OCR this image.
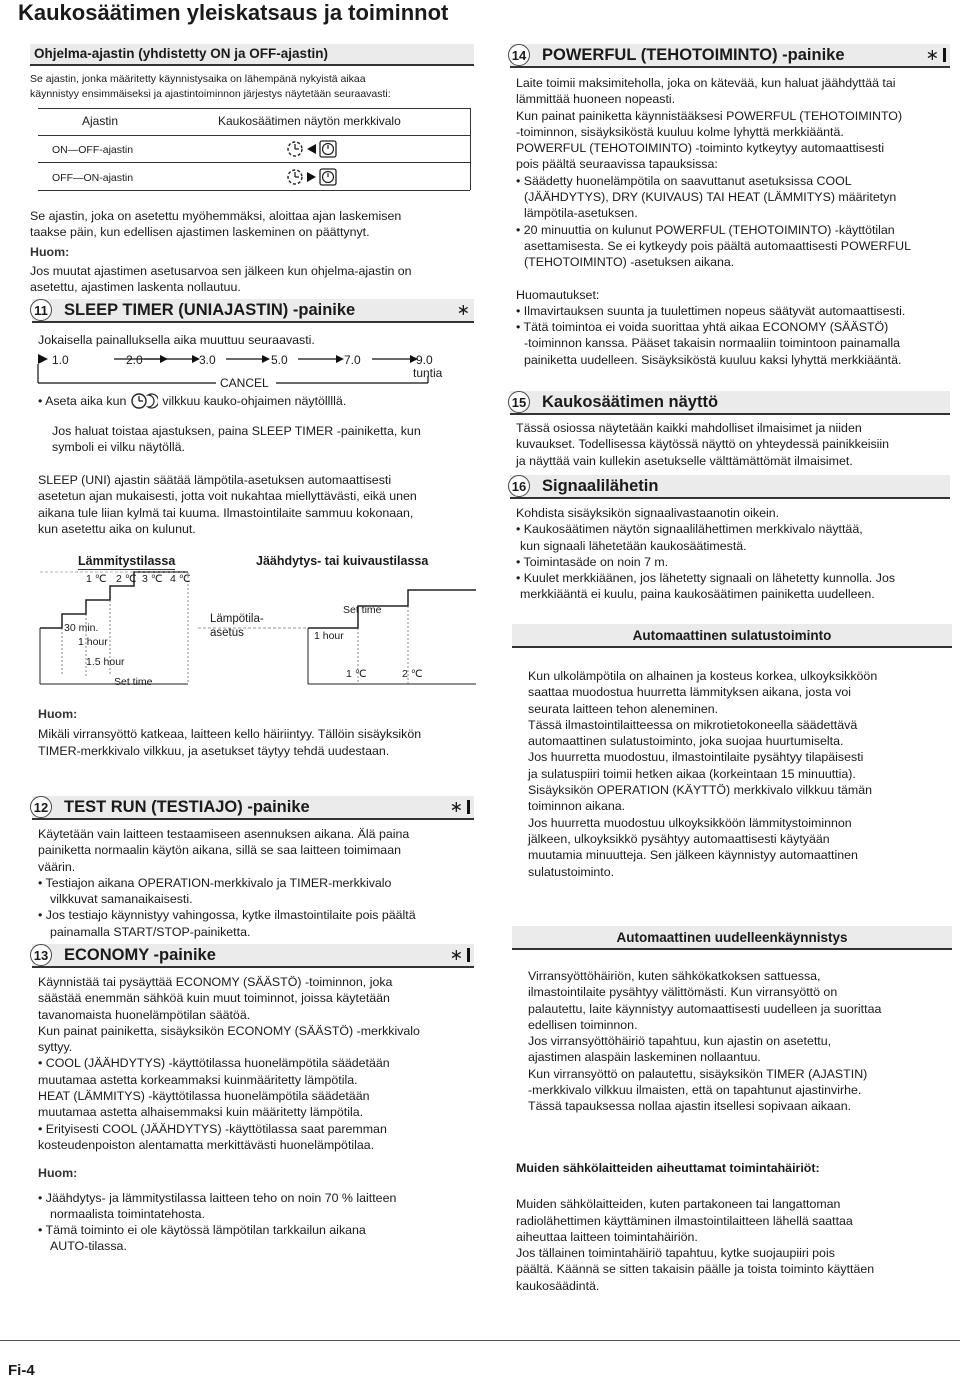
Kaukosäätimen yleiskatsaus ja toiminnot
Ohjelma-ajastin (yhdistetty ON ja OFF-ajastin)
Se ajastin, jonka määritetty käynnistysaika on lähempänä nykyistä aikaa
käynnistyy ensimmäiseksi ja ajastintoiminnon järjestys näytetään seuraavasti:
Ajastin	Kaukosäätimen näytön merkkivalo
ON—OFF-ajastin
OFF—ON-ajastin
Se ajastin, joka on asetettu myöhemmäksi, aloittaa ajan laskemisen
taakse päin, kun edellisen ajastimen laskeminen on päättynyt.
Huom:
Jos muutat ajastimen asetusarvoa sen jälkeen kun ohjelma-ajastin on
asetettu, ajastimen laskenta nollautuu.
11 SLEEP TIMER (UNIAJASTIN) -painike	∗
Jokaisella painalluksella aika muuttuu seuraavasti.
1.0	2.0	3.0	5.0	7.0	9.0
tuntia
CANCEL
• Aseta aika kun	vilkkuu kauko-ohjaimen näytöllllä.
Jos haluat toistaa ajastuksen, paina SLEEP TIMER -painiketta, kun
symboli ei vilku näytöllä.
SLEEP (UNI) ajastin säätää lämpötila-asetuksen automaattisesti
asetetun ajan mukaisesti, jotta voit nukahtaa miellyttävästi, eikä unen
aikana tule liian kylmä tai kuuma. Ilmastointilaite sammuu kokonaan,
kun asetettu aika on kulunut.
Lämmitystilassa	Jäähdytys- tai kuivaustilassa
1 ℃ 2 ℃ 3 ℃ 4 ℃
30 min.
1 hour
1.5 hour
Set time
Lämpötila-
asetus
Set time
1 hour
1 ℃	2 ℃
Huom:
Mikäli virransyöttö katkeaa, laitteen kello häiriintyy. Tällöin sisäyksikön
TIMER-merkkivalo vilkkuu, ja asetukset täytyy tehdä uudestaan.
12 TEST RUN (TESTIAJO) -painike	∗
Käytetään vain laitteen testaamiseen asennuksen aikana. Älä paina
painiketta normaalin käytön aikana, sillä se saa laitteen toimimaan
väärin.
• Testiajon aikana OPERATION-merkkivalo ja TIMER-merkkivalo
vilkkuvat samanaikaisesti.
• Jos testiajo käynnistyy vahingossa, kytke ilmastointilaite pois päältä
painamalla START/STOP-painiketta.
13 ECONOMY -painike	∗
Käynnistää tai pysäyttää ECONOMY (SÄÄSTÖ) -toiminnon, joka
säästää enemmän sähköä kuin muut toiminnot, joissa käytetään
tavanomaista huonelämpötilan säätöä.
Kun painat painiketta, sisäyksikön ECONOMY (SÄÄSTÖ) -merkkivalo
syttyy.
• COOL (JÄÄHDYTYS) -käyttötilassa huonelämpötila säädetään
muutamaa astetta korkeammaksi kuinmääritetty lämpötila.
HEAT (LÄMMITYS) -käyttötilassa huonelämpötila säädetään
muutamaa astetta alhaisemmaksi kuin määritetty lämpötila.
• Erityisesti COOL (JÄÄHDYTYS) -käyttötilassa saat paremman
kosteudenpoiston alentamatta merkittävästi huonelämpötilaa.
Huom:
• Jäähdytys- ja lämmitystilassa laitteen teho on noin 70 % laitteen
normaalista toimintatehosta.
• Tämä toiminto ei ole käytössä lämpötilan tarkkailun aikana
AUTO-tilassa.
14 POWERFUL (TEHOTOIMINTO) -painike	∗
Laite toimii maksimiteholla, joka on kätevää, kun haluat jäähdyttää tai
lämmittää huoneen nopeasti.
Kun painat painiketta käynnistääksesi POWERFUL (TEHOTOIMINTO)
-toiminnon, sisäyksiköstä kuuluu kolme lyhyttä merkkiääntä.
POWERFUL (TEHOTOIMINTO) -toiminto kytkeytyy automaattisesti
pois päältä seuraavissa tapauksissa:
• Säädetty huonelämpötila on saavuttanut asetuksissa COOL
(JÄÄHDYTYS), DRY (KUIVAUS) TAI HEAT (LÄMMITYS) määritetyn
lämpötila-asetuksen.
• 20 minuuttia on kulunut POWERFUL (TEHOTOIMINTO) -käyttötilan
asettamisesta. Se ei kytkeydy pois päältä automaattisesti POWERFUL
(TEHOTOIMINTO) -asetuksen aikana.
Huomautukset:
• Ilmavirtauksen suunta ja tuulettimen nopeus säätyvät automaattisesti.
• Tätä toimintoa ei voida suorittaa yhtä aikaa ECONOMY (SÄÄSTÖ)
-toiminnon kanssa. Pääset takaisin normaaliin toimintoon painamalla
painiketta uudelleen. Sisäyksiköstä kuuluu kaksi lyhyttä merkkiääntä.
15 Kaukosäätimen näyttö
Tässä osiossa näytetään kaikki mahdolliset ilmaisimet ja niiden
kuvaukset. Todellisessa käytössä näyttö on yhteydessä painikkeisiin
ja näyttää vain kullekin asetukselle välttämättömät ilmaisimet.
16 Signaalilähetin
Kohdista sisäyksikön signaalivastaanotin oikein.
• Kaukosäätimen näytön signaalilähettimen merkkivalo näyttää,
kun signaali lähetetään kaukosäätimestä.
• Toimintasäde on noin 7 m.
• Kuulet merkkiäänen, jos lähetetty signaali on lähetetty kunnolla. Jos
merkkiääntä ei kuulu, paina kaukosäätimen painiketta uudelleen.
Automaattinen sulatustoiminto
Kun ulkolämpötila on alhainen ja kosteus korkea, ulkoyksikköön
saattaa muodostua huurretta lämmityksen aikana, josta voi
seurata laitteen tehon aleneminen.
Tässä ilmastointilaitteessa on mikrotietokoneella säädettävä
automaattinen sulatustoiminto, joka suojaa huurtumiselta.
Jos huurretta muodostuu, ilmastointilaite pysähtyy tilapäisesti
ja sulatuspiiri toimii hetken aikaa (korkeintaan 15 minuuttia).
Sisäyksikön OPERATION (KÄYTTÖ) merkkivalo vilkkuu tämän
toiminnon aikana.
Jos huurretta muodostuu ulkoyksikköön lämmitystoiminnon
jälkeen, ulkoyksikkö pysähtyy automaattisesti käytyään
muutamia minuutteja. Sen jälkeen käynnistyy automaattinen
sulatustoiminto.
Automaattinen uudelleenkäynnistys
Virransyöttöhäiriön, kuten sähkökatkoksen sattuessa,
ilmastointilaite pysähtyy välittömästi. Kun virransyöttö on
palautettu, laite käynnistyy automaattisesti uudelleen ja suorittaa
edellisen toiminnon.
Jos virransyöttöhäiriö tapahtuu, kun ajastin on asetettu,
ajastimen alaspäin laskeminen nollaantuu.
Kun virransyöttö on palautettu, sisäyksikön TIMER (AJASTIN)
-merkkivalo vilkkuu ilmaisten, että on tapahtunut ajastinvirhe.
Tässä tapauksessa nollaa ajastin itsellesi sopivaan aikaan.
Muiden sähkölaitteiden aiheuttamat toimintahäiriöt:
Muiden sähkölaitteiden, kuten partakoneen tai langattoman
radiolähettimen käyttäminen ilmastointilaitteen lähellä saattaa
aiheuttaa laitteen toimintahäiriön.
Jos tällainen toimintahäiriö tapahtuu, kytke suojaupiiri pois
päältä. Käännä se sitten takaisin päälle ja toista toiminto käyttäen
kaukosäädintä.
Fi-4
